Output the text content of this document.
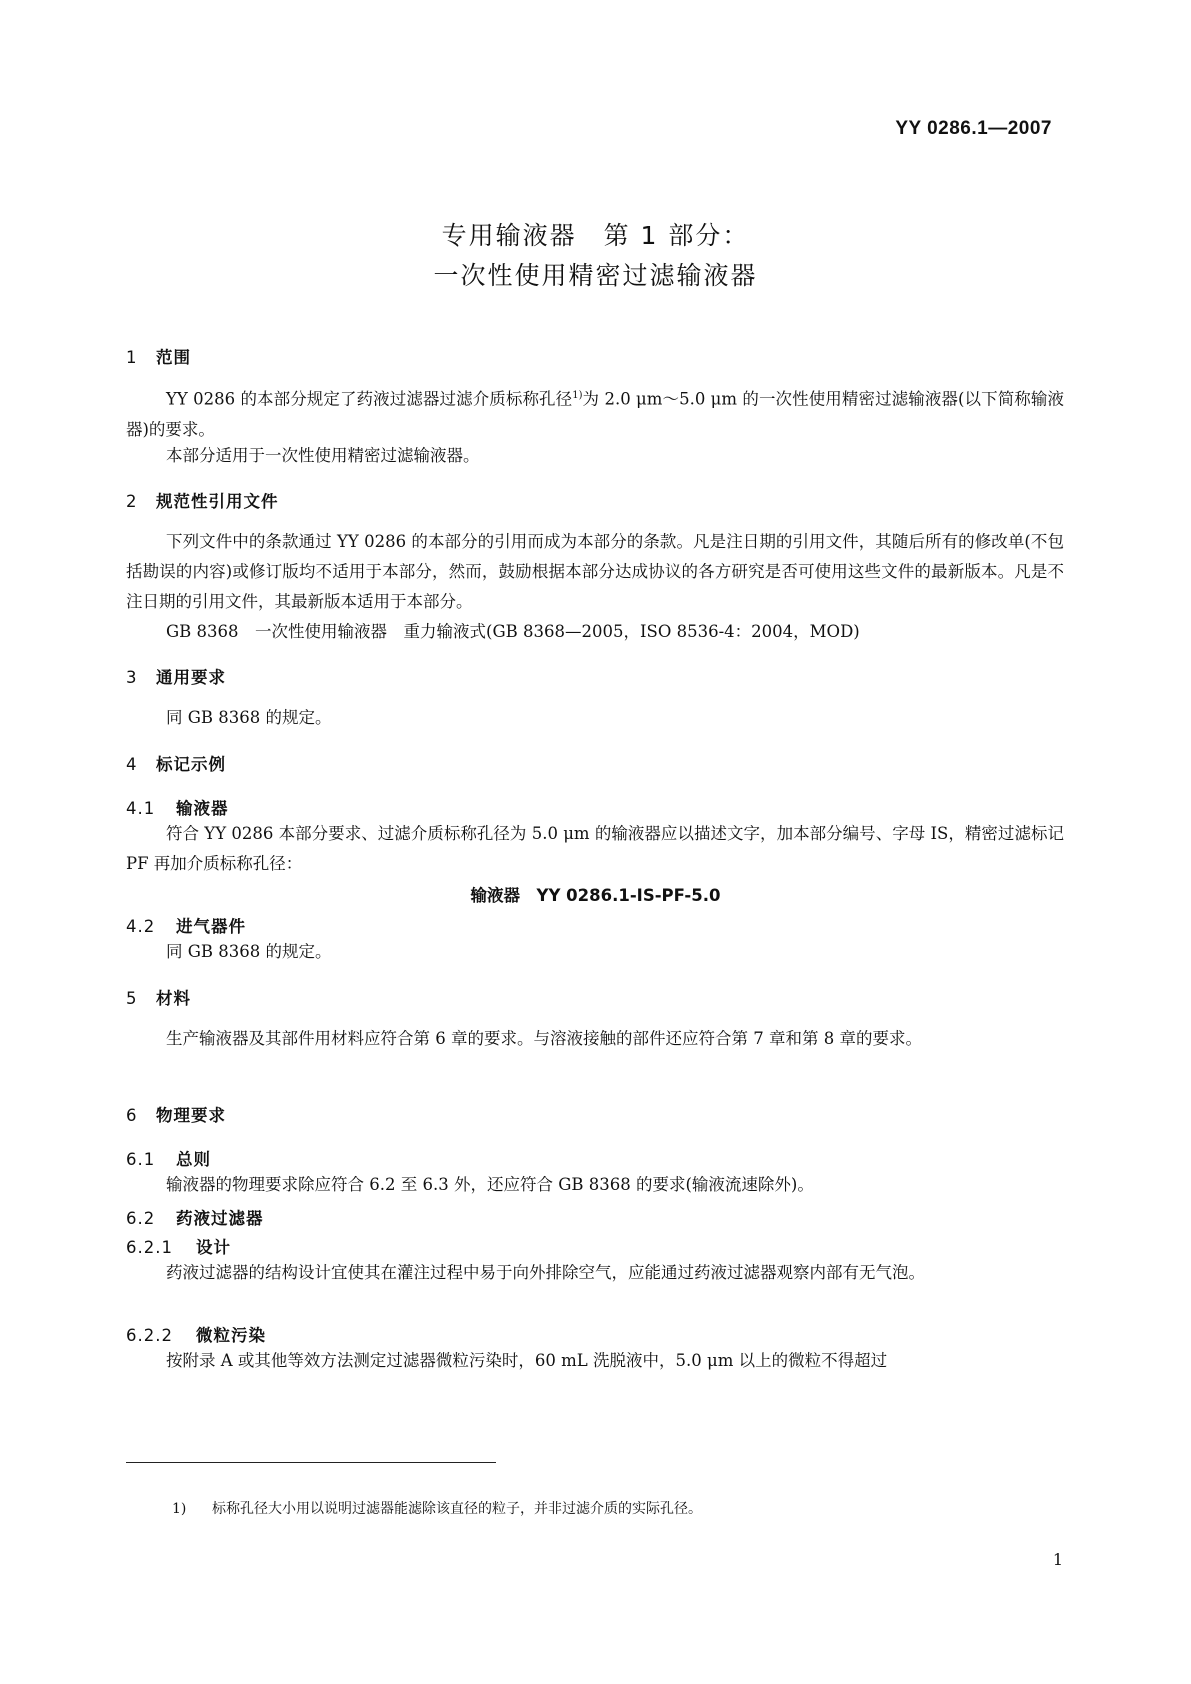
YY 0286.1—2007
专用输液器　第 1 部分：
一次性使用精密过滤输液器
1 范围
YY 0286 的本部分规定了药液过滤器过滤介质标称孔径$^{1)}$为 2.0 μm～5.0 μm 的一次性使用精密过滤输液器(以下简称输液器)的要求。
本部分适用于一次性使用精密过滤输液器。
2 规范性引用文件
下列文件中的条款通过 YY 0286 的本部分的引用而成为本部分的条款。凡是注日期的引用文件，其随后所有的修改单(不包括勘误的内容)或修订版均不适用于本部分，然而，鼓励根据本部分达成协议的各方研究是否可使用这些文件的最新版本。凡是不注日期的引用文件，其最新版本适用于本部分。
GB 8368　一次性使用输液器　重力输液式(GB 8368—2005，ISO 8536-4：2004，MOD)
3 通用要求
同 GB 8368 的规定。
4 标记示例
4.1 输液器
符合 YY 0286 本部分要求、过滤介质标称孔径为 5.0 μm 的输液器应以描述文字，加本部分编号、字母 IS，精密过滤标记 PF 再加介质标称孔径：
输液器　 YY 0286.1-IS-PF-5.0
4.2 进气器件
同 GB 8368 的规定。
5 材料
生产输液器及其部件用材料应符合第 6 章的要求。与溶液接触的部件还应符合第 7 章和第 8 章的要求。
6 物理要求
6.1 总则
输液器的物理要求除应符合 6.2 至 6.3 外，还应符合 GB 8368 的要求(输液流速除外)。
6.2 药液过滤器
6.2.1 设计
药液过滤器的结构设计宜使其在灌注过程中易于向外排除空气，应能通过药液过滤器观察内部有无气泡。
6.2.2 微粒污染
按附录 A 或其他等效方法测定过滤器微粒污染时，60 mL 洗脱液中，5.0 μm 以上的微粒不得超过
1) 标称孔径大小用以说明过滤器能滤除该直径的粒子，并非过滤介质的实际孔径。
1
